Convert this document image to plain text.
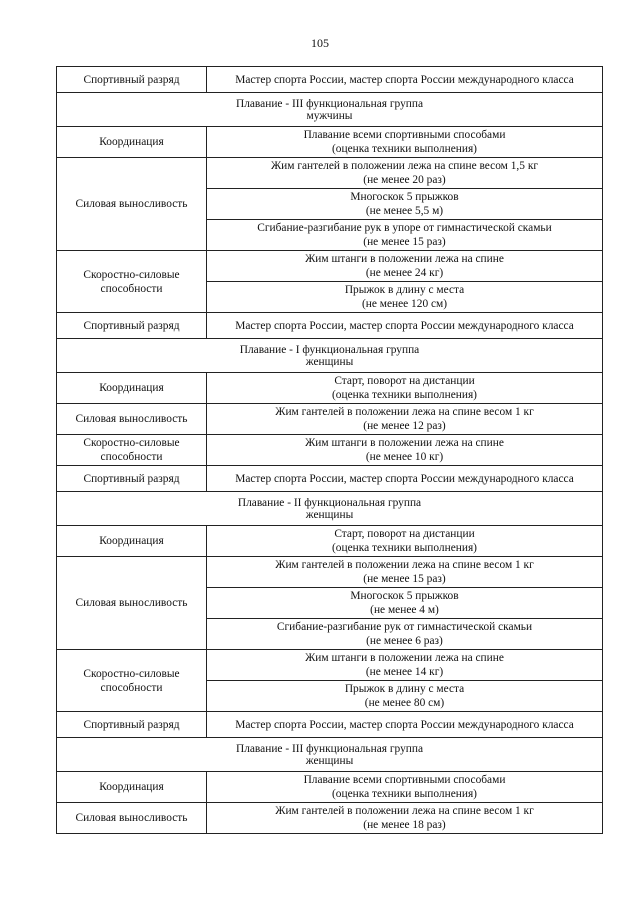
105
Спортивный разряд	Мастер спорта России, мастер спорта России международного класса

Плавание - III функциональная группа
мужчины	

Координация	Плавание всеми спортивными способами
(оценка техники выполнения)

Силовая выносливость	Жим гантелей в положении лежа на спине весом 1,5 кг
(не менее 20 раз)

	Многоскок 5 прыжков
(не менее 5,5 м)

	Сгибание-разгибание рук в упоре от гимнастической скамьи
(не менее 15 раз)

Скоростно-силовые способности	Жим штанги в положении лежа на спине
(не менее 24 кг)

	Прыжок в длину с места
(не менее 120 см)

Спортивный разряд	Мастер спорта России, мастер спорта России международного класса

Плавание - I функциональная группа
женщины	

Координация	Старт, поворот на дистанции
(оценка техники выполнения)

Силовая выносливость	Жим гантелей в положении лежа на спине весом 1 кг
(не менее 12 раз)

Скоростно-силовые способности	Жим штанги в положении лежа на спине
(не менее 10 кг)

Спортивный разряд	Мастер спорта России, мастер спорта России международного класса

Плавание - II функциональная группа
женщины	

Координация	Старт, поворот на дистанции
(оценка техники выполнения)

Силовая выносливость	Жим гантелей в положении лежа на спине весом 1 кг
(не менее 15 раз)

	Многоскок 5 прыжков
(не менее 4 м)

	Сгибание-разгибание рук от гимнастической скамьи
(не менее 6 раз)

Скоростно-силовые способности	Жим штанги в положении лежа на спине
(не менее 14 кг)

	Прыжок в длину с места
(не менее 80 см)

Спортивный разряд	Мастер спорта России, мастер спорта России международного класса

Плавание - III функциональная группа
женщины	

Координация	Плавание всеми спортивными способами
(оценка техники выполнения)

Силовая выносливость	Жим гантелей в положении лежа на спине весом 1 кг
(не менее 18 раз)
